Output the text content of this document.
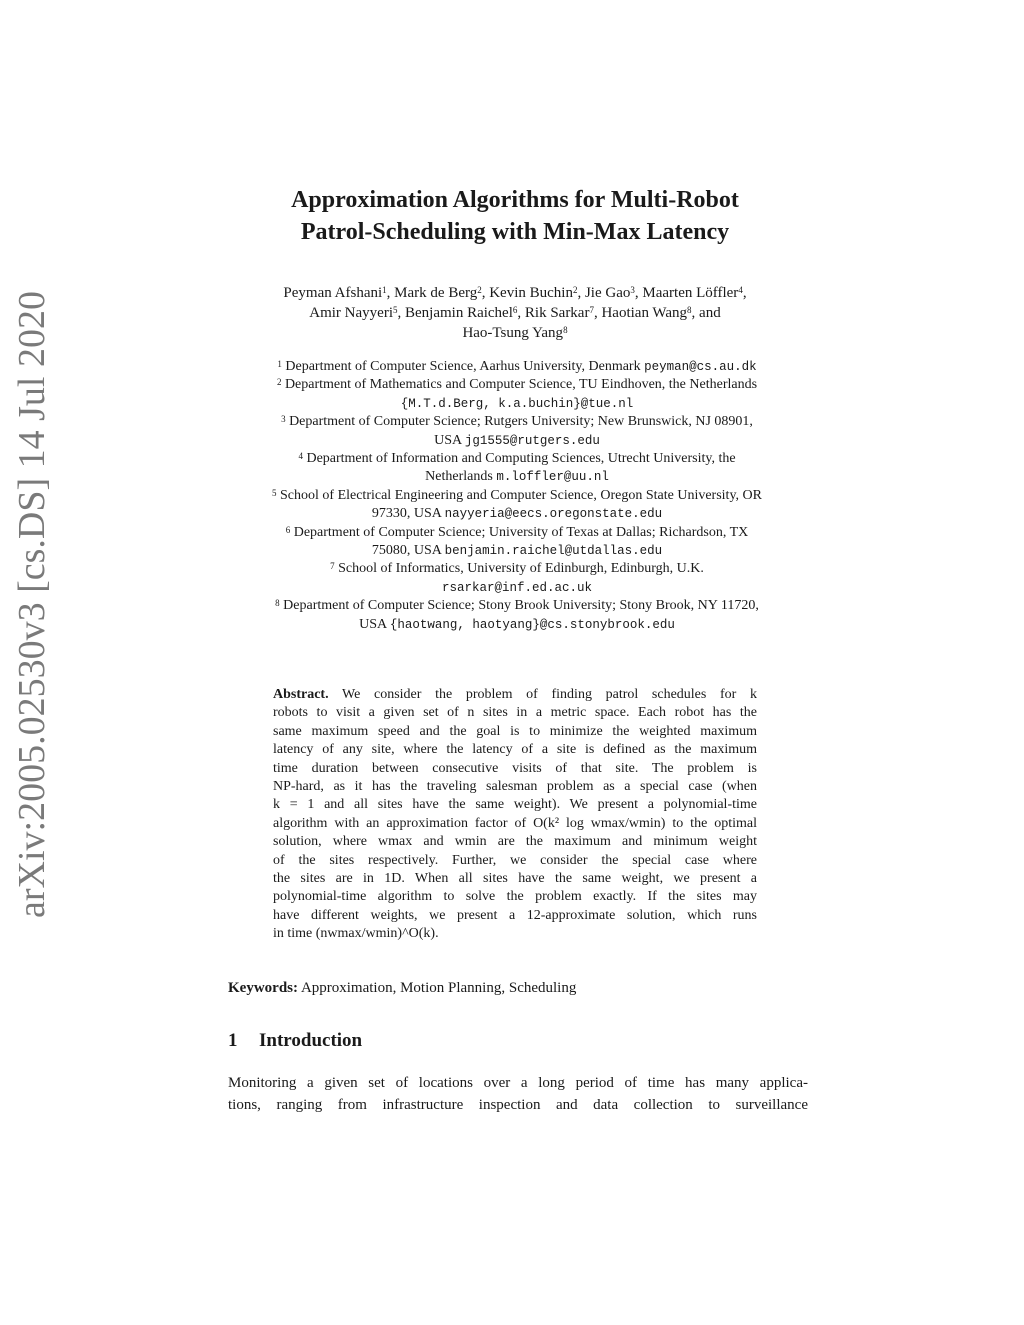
arXiv:2005.02530v3 [cs.DS] 14 Jul 2020
Approximation Algorithms for Multi-Robot
Patrol-Scheduling with Min-Max Latency
Peyman Afshani$^1$, Mark de Berg$^2$, Kevin Buchin$^2$, Jie Gao$^3$, Maarten Löffler$^4$,
Amir Nayyeri$^5$, Benjamin Raichel$^6$, Rik Sarkar$^7$, Haotian Wang$^8$, and
Hao-Tsung Yang$^8$
$^1$ Department of Computer Science, Aarhus University, Denmark peyman@cs.au.dk
$^2$ Department of Mathematics and Computer Science, TU Eindhoven, the Netherlands
{M.T.d.Berg, k.a.buchin}@tue.nl
$^3$ Department of Computer Science; Rutgers University; New Brunswick, NJ 08901,
USA jg1555@rutgers.edu
$^4$ Department of Information and Computing Sciences, Utrecht University, the
Netherlands m.loffler@uu.nl
$^5$ School of Electrical Engineering and Computer Science, Oregon State University, OR
97330, USA nayyeria@eecs.oregonstate.edu
$^6$ Department of Computer Science; University of Texas at Dallas; Richardson, TX
75080, USA benjamin.raichel@utdallas.edu
$^7$ School of Informatics, University of Edinburgh, Edinburgh, U.K.
rsarkar@inf.ed.ac.uk
$^8$ Department of Computer Science; Stony Brook University; Stony Brook, NY 11720,
USA {haotwang, haotyang}@cs.stonybrook.edu
Abstract. We consider the problem of finding patrol schedules for k
robots to visit a given set of n sites in a metric space. Each robot has the
same maximum speed and the goal is to minimize the weighted maximum
latency of any site, where the latency of a site is defined as the maximum
time duration between consecutive visits of that site. The problem is
NP-hard, as it has the traveling salesman problem as a special case (when
k = 1 and all sites have the same weight). We present a polynomial-time
algorithm with an approximation factor of O(k² log wmax/wmin) to the optimal
solution, where wmax and wmin are the maximum and minimum weight
of the sites respectively. Further, we consider the special case where
the sites are in 1D. When all sites have the same weight, we present a
polynomial-time algorithm to solve the problem exactly. If the sites may
have different weights, we present a 12-approximate solution, which runs
in time (nwmax/wmin)^O(k).
Keywords: Approximation, Motion Planning, Scheduling
1 Introduction
Monitoring a given set of locations over a long period of time has many applica-
tions, ranging from infrastructure inspection and data collection to surveillance
